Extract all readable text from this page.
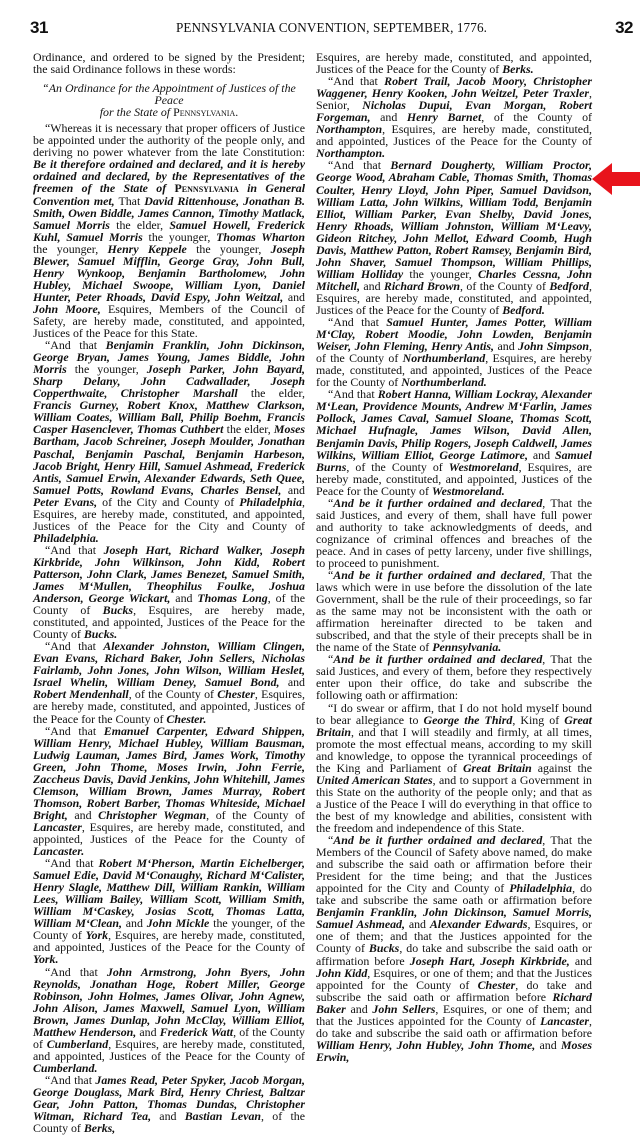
31	PENNSYLVANIA CONVENTION, SEPTEMBER, 1776.	32

Ordinance, and ordered to be signed by the President; the said Ordinance follows in these words:

“An Ordinance for the Appointment of Justices of the Peace
for the State of Pennsylvania.

“Whereas it is necessary that proper officers of Justice be appointed under the authority of the people only, and deriving no power whatever from the late Constitution: Be it therefore ordained and declared, and it is hereby ordained and declared, by the Representatives of the freemen of the State of Pennsylvania in General Convention met, That David Rittenhouse, Jonathan B. Smith, Owen Biddle, James Cannon, Timothy Matlack, Samuel Morris the elder, Samuel Howell, Frederick Kuhl, Samuel Morris the younger, Thomas Wharton the younger, Henry Keppele the younger, Joseph Blewer, Samuel Mifflin, George Gray, John Bull, Henry Wynkoop, Benjamin Bartholomew, John Hubley, Michael Swoope, William Lyon, Daniel Hunter, Peter Rhoads, David Espy, John Weitzal, and John Moore, Esquires, Members of the Council of Safety, are hereby made, constituted, and appointed, Justices of the Peace for this State.

“And that Benjamin Franklin, John Dickinson, George Bryan, James Young, James Biddle, John Morris the younger, Joseph Parker, John Bayard, Sharp Delany, John Cadwallader, Joseph Copperthwaite, Christopher Marshall the elder, Francis Gurney, Robert Knox, Matthew Clarkson, William Coates, William Ball, Philip Boehm, Francis Casper Hasenclever, Thomas Cuthbert the elder, Moses Bartham, Jacob Schreiner, Joseph Moulder, Jonathan Paschal, Benjamin Paschal, Benjamin Harbeson, Jacob Bright, Henry Hill, Samuel Ashmead, Frederick Antis, Samuel Erwin, Alexander Edwards, Seth Quee, Samuel Potts, Rowland Evans, Charles Bensel, and Peter Evans, of the City and County of Philadelphia, Esquires, are hereby made, constituted, and appointed, Justices of the Peace for the City and County of Philadelphia.

“And that Joseph Hart, Richard Walker, Joseph Kirkbride, John Wilkinson, John Kidd, Robert Patterson, John Clark, James Benezet, Samuel Smith, James M‘Mullen, Theophilus Foulke, Joshua Anderson, George Wickart, and Thomas Long, of the County of Bucks, Esquires, are hereby made, constituted, and appointed, Justices of the Peace for the County of Bucks.

“And that Alexander Johnston, William Clingen, Evan Evans, Richard Baker, John Sellers, Nicholas Fairlamb, John Jones, John Wilson, William Heslet, Israel Whelin, William Deney, Samuel Bond, and Robert Mendenhall, of the County of Chester, Esquires, are hereby made, constituted, and appointed, Justices of the Peace for the County of Chester.

“And that Emanuel Carpenter, Edward Shippen, William Henry, Michael Hubley, William Bausman, Ludwig Lauman, James Bird, James Work, Timothy Green, John Thome, Moses Irwin, John Ferrie, Zaccheus Davis, David Jenkins, John Whitehill, James Clemson, William Brown, James Murray, Robert Thomson, Robert Barber, Thomas Whiteside, Michael Bright, and Christopher Wegman, of the County of Lancaster, Esquires, are hereby made, constituted, and appointed, Justices of the Peace for the County of Lancaster.

“And that Robert M‘Pherson, Martin Eichelberger, Samuel Edie, David M‘Conaughy, Richard M‘Calister, Henry Slagle, Matthew Dill, William Rankin, William Lees, William Bailey, William Scott, William Smith, William M‘Caskey, Josias Scott, Thomas Latta, William M‘Clean, and John Mickle the younger, of the County of York, Esquires, are hereby made, constituted, and appointed, Justices of the Peace for the County of York.

“And that John Armstrong, John Byers, John Reynolds, Jonathan Hoge, Robert Miller, George Robinson, John Holmes, James Olivar, John Agnew, John Alison, James Maxwell, Samuel Lyon, William Brown, James Dunlap, John McClay, William Elliot, Matthew Henderson, and Frederick Watt, of the County of Cumberland, Esquires, are hereby made, constituted, and appointed, Justices of the Peace for the County of Cumberland.

“And that James Read, Peter Spyker, Jacob Morgan, George Douglass, Mark Bird, Henry Chriest, Baltzar Gear, John Patton, Thomas Dundas, Christopher Witman, Richard Tea, and Bastian Levan, of the County of Berks,

Esquires, are hereby made, constituted, and appointed, Justices of the Peace for the County of Berks.

“And that Robert Trail, Jacob Moory, Christopher Waggener, Henry Kooken, John Weitzel, Peter Traxler, Senior, Nicholas Dupui, Evan Morgan, Robert Forgeman, and Henry Barnet, of the County of Northampton, Esquires, are hereby made, constituted, and appointed, Justices of the Peace for the County of Northampton.

“And that Bernard Dougherty, William Proctor, George Wood, Abraham Cable, Thomas Smith, Thomas Coulter, Henry Lloyd, John Piper, Samuel Davidson, William Latta, John Wilkins, William Todd, Benjamin Elliot, William Parker, Evan Shelby, David Jones, Henry Rhoads, William Johnston, William M‘Leavy, Gideon Ritchey, John Mellot, Edward Coomb, Hugh Davis, Matthew Patton, Robert Ramsey, Benjamin Bird, John Shaver, Samuel Thompson, William Phillips, William Holliday the younger, Charles Cessna, John Mitchell, and Richard Brown, of the County of Bedford, Esquires, are hereby made, constituted, and appointed, Justices of the Peace for the County of Bedford.

“And that Samuel Hunter, James Potter, William M‘Clay, Robert Moodie, John Lowden, Benjamin Weiser, John Fleming, Henry Antis, and John Simpson, of the County of Northumberland, Esquires, are hereby made, constituted, and appointed, Justices of the Peace for the County of Northumberland.

“And that Robert Hanna, William Lockray, Alexander M‘Lean, Providence Mounts, Andrew M‘Farlin, James Pollock, James Caval, Samuel Sloane, Thomas Scott, Michael Hufnagle, James Wilson, David Allen, Benjamin Davis, Philip Rogers, Joseph Caldwell, James Wilkins, William Elliot, George Latimore, and Samuel Burns, of the County of Westmoreland, Esquires, are hereby made, constituted, and appointed, Justices of the Peace for the County of Westmoreland.

“And be it further ordained and declared, That the said Justices, and every of them, shall have full power and authority to take acknowledgments of deeds, and cognizance of criminal offences and breaches of the peace. And in cases of petty larceny, under five shillings, to proceed to punishment.

“And be it further ordained and declared, That the laws which were in use before the dissolution of the late Government, shall be the rule of their proceedings, so far as the same may not be inconsistent with the oath or affirmation hereinafter directed to be taken and subscribed, and that the style of their precepts shall be in the name of the State of Pennsylvania.

“And be it further ordained and declared, That the said Justices, and every of them, before they respectively enter upon their office, do take and subscribe the following oath or affirmation:

“I do swear or affirm, that I do not hold myself bound to bear allegiance to George the Third, King of Great Britain, and that I will steadily and firmly, at all times, promote the most effectual means, according to my skill and knowledge, to oppose the tyrannical proceedings of the King and Parliament of Great Britain against the United American States, and to support a Government in this State on the authority of the people only; and that as a Justice of the Peace I will do everything in that office to the best of my knowledge and abilities, consistent with the freedom and independence of this State.

“And be it further ordained and declared, That the Members of the Council of Safety above named, do make and subscribe the said oath or affirmation before their President for the time being; and that the Justices appointed for the City and County of Philadelphia, do take and subscribe the same oath or affirmation before Benjamin Franklin, John Dickinson, Samuel Morris, Samuel Ashmead, and Alexander Edwards, Esquires, or one of them; and that the Justices appointed for the County of Bucks, do take and subscribe the said oath or affirmation before Joseph Hart, Joseph Kirkbride, and John Kidd, Esquires, or one of them; and that the Justices appointed for the County of Chester, do take and subscribe the said oath or affirmation before Richard Baker and John Sellers, Esquires, or one of them; and that the Justices appointed for the County of Lancaster, do take and subscribe the said oath or affirmation before William Henry, John Hubley, John Thome, and Moses Erwin,
